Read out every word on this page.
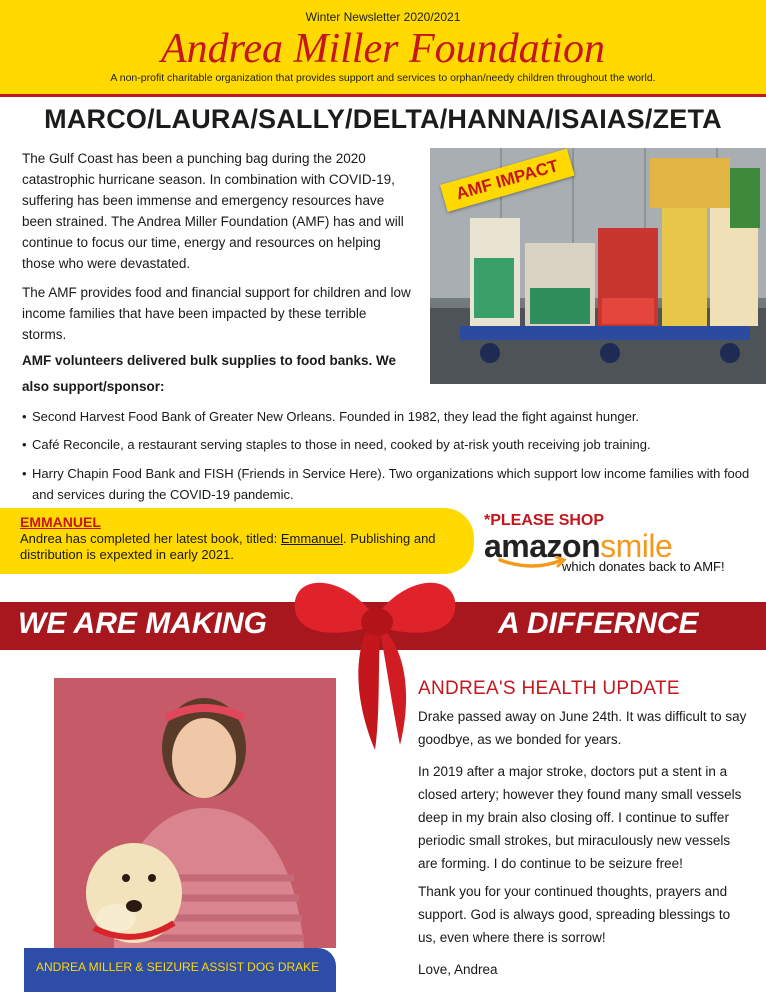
Winter Newsletter 2020/2021
Andrea Miller Foundation
A non-profit charitable organization that provides support and services to orphan/needy children throughout the world.
MARCO/LAURA/SALLY/DELTA/HANNA/ISAIAS/ZETA
The Gulf Coast has been a punching bag during the 2020 catastrophic hurricane season. In combination with COVID-19, suffering has been immense and emergency resources have been strained. The Andrea Miller Foundation (AMF) has and will continue to focus our time, energy and resources on helping those who were devastated.
The AMF provides food and financial support for children and low income families that have been impacted by these terrible storms.
AMF volunteers delivered bulk supplies to food banks. We also support/sponsor:
• Second Harvest Food Bank of Greater New Orleans. Founded in 1982, they lead the fight against hunger.
• Café Reconcile, a restaurant serving staples to those in need, cooked by at-risk youth receiving job training.
• Harry Chapin Food Bank and FISH (Friends in Service Here). Two organizations which support low income families with food and services during the COVID-19 pandemic.
AMF IMPACT
EMMANUEL
Andrea has completed her latest book, titled: Emmanuel. Publishing and distribution is expexted in early 2021.
*PLEASE SHOP
amazonsmile
which donates back to AMF!
WE ARE MAKING	A DIFFERNCE
ANDREA MILLER & SEIZURE ASSIST DOG DRAKE
ANDREA'S HEALTH UPDATE
Drake passed away on June 24th. It was difficult to say goodbye, as we bonded for years.
In 2019 after a major stroke, doctors put a stent in a closed artery; however they found many small vessels deep in my brain also closing off. I continue to suffer periodic small strokes, but miraculously new vessels are forming. I do continue to be seizure free!
Thank you for your continued thoughts, prayers and support. God is always good, spreading blessings to us, even where there is sorrow!
Love, Andrea
